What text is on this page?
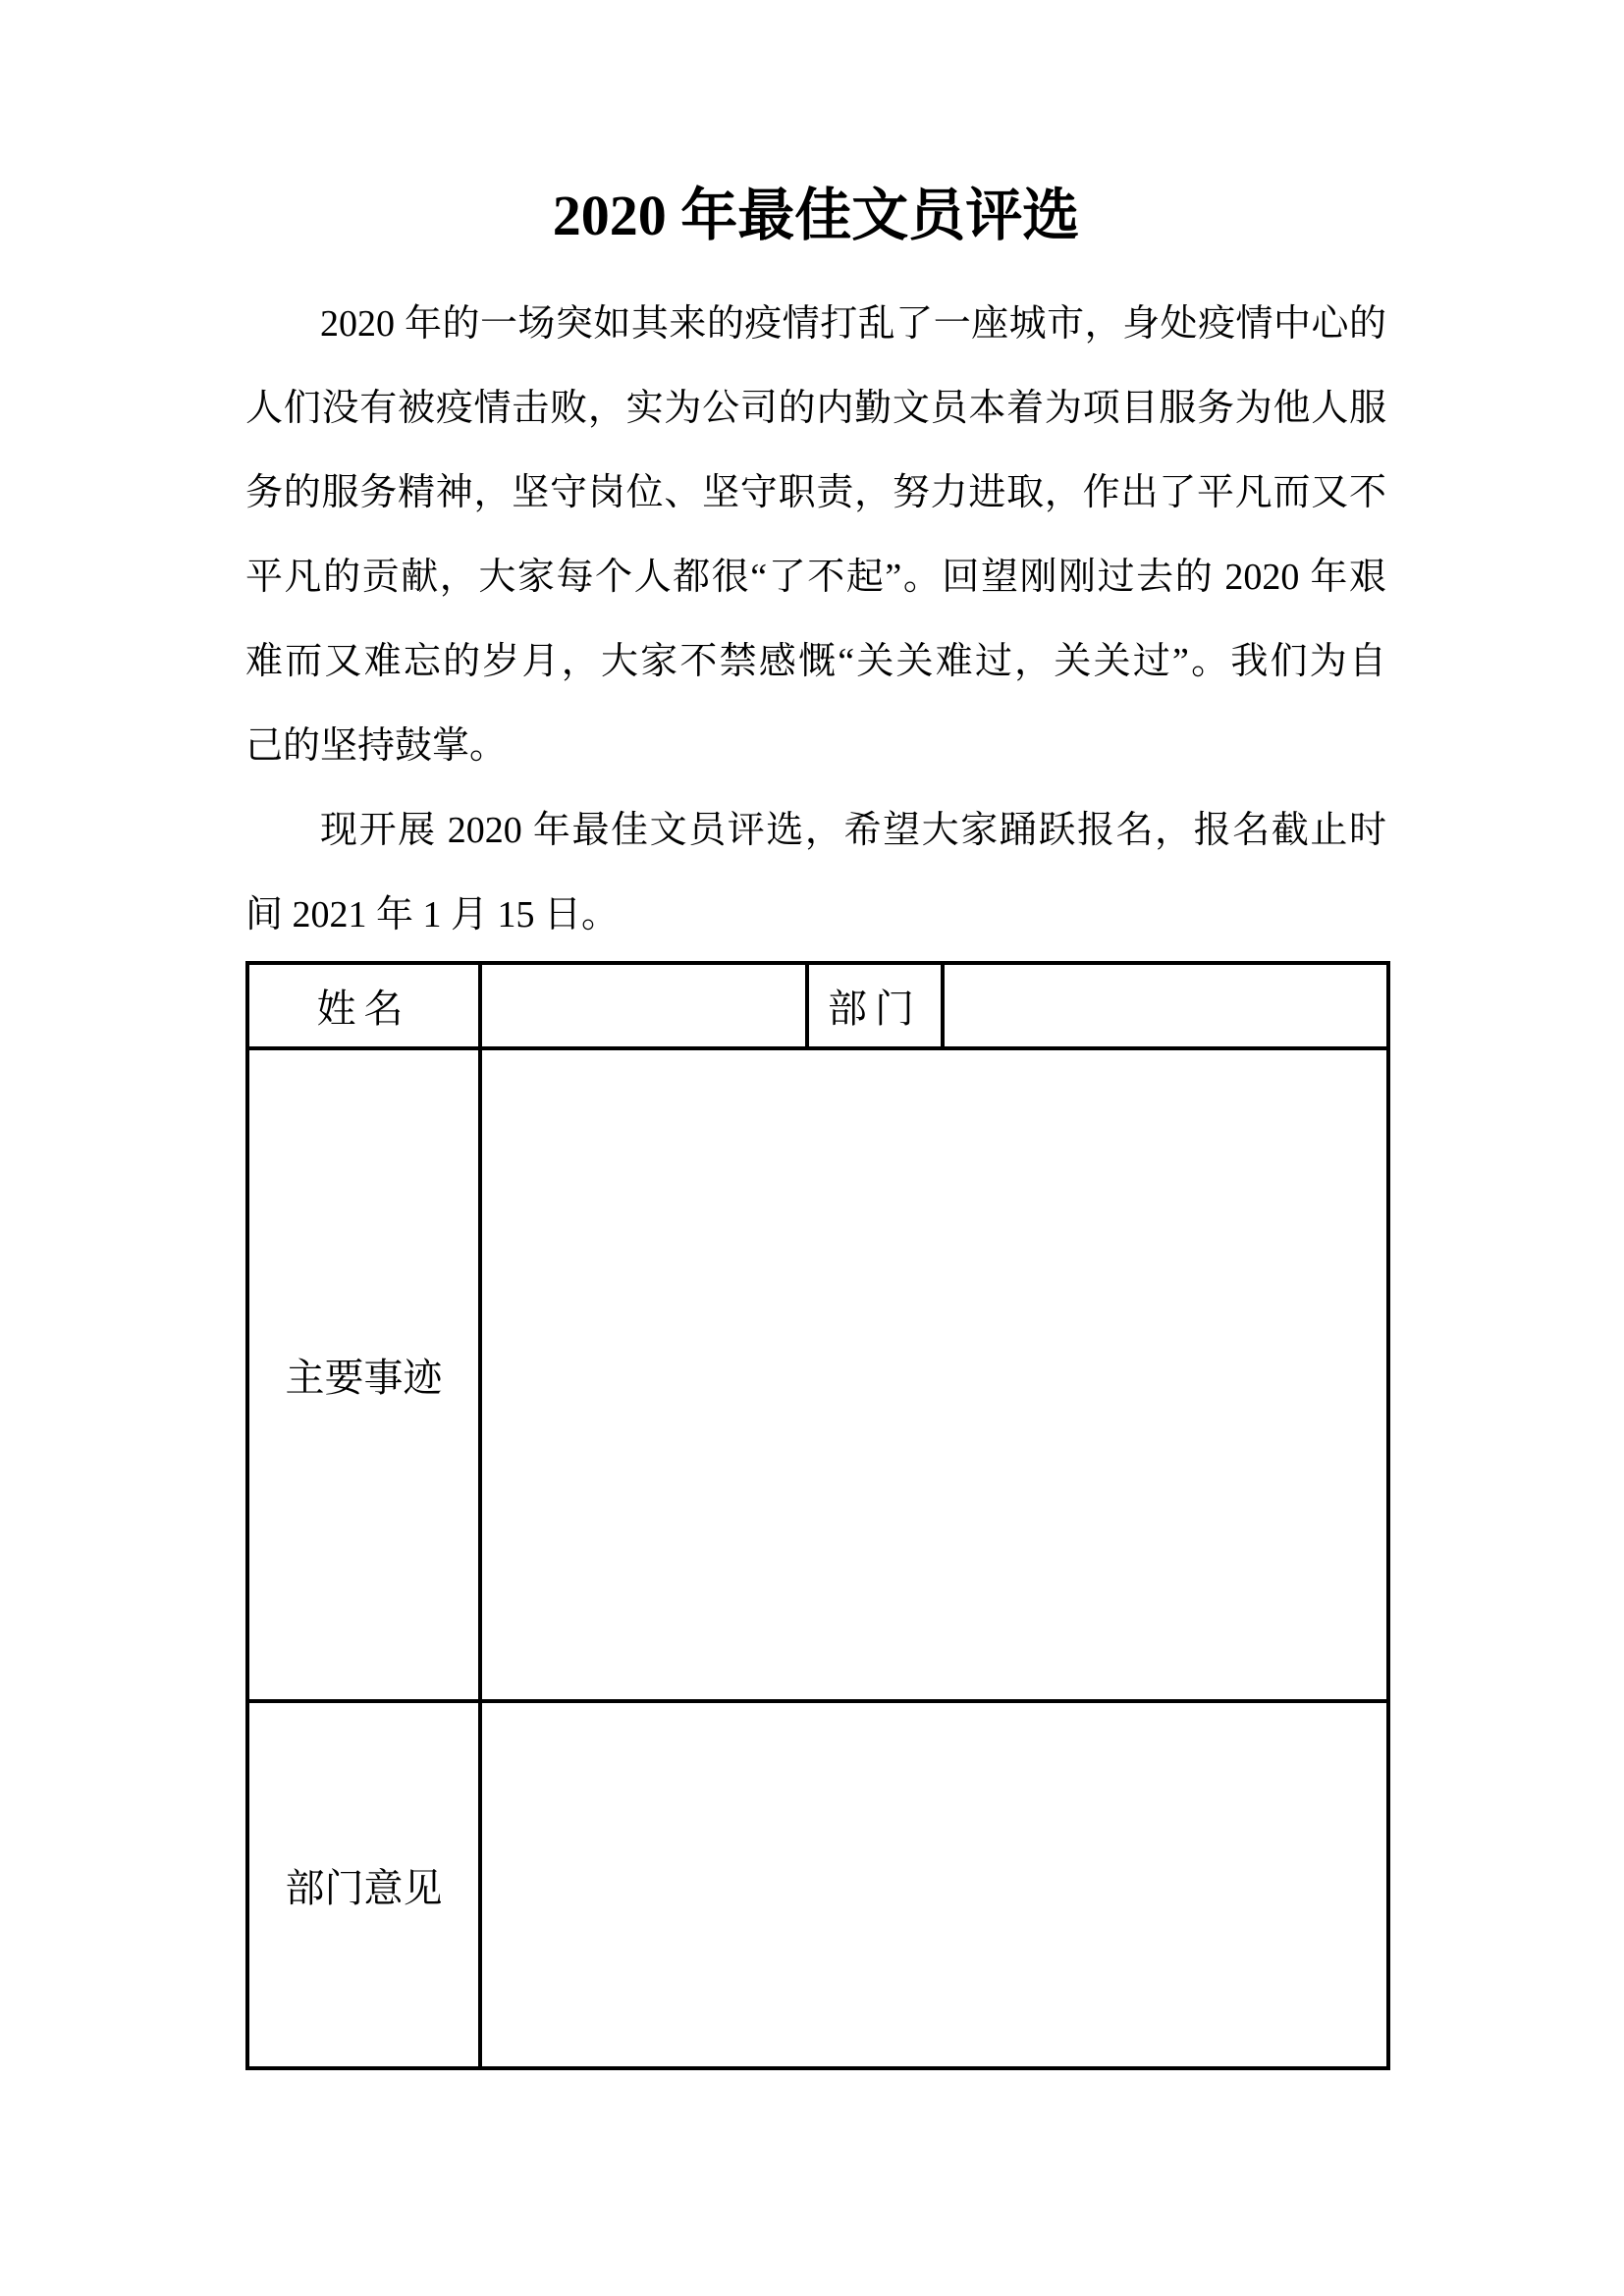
2020 年最佳文员评选
2020 年的一场突如其来的疫情打乱了一座城市，身处疫情中心的
人们没有被疫情击败，实为公司的内勤文员本着为项目服务为他人服
务的服务精神，坚守岗位、坚守职责，努力进取，作出了平凡而又不
平凡的贡献，大家每个人都很“了不起”。回望刚刚过去的 2020 年艰
难而又难忘的岁月，大家不禁感慨“关关难过，关关过”。我们为自
己的坚持鼓掌。
现开展 2020 年最佳文员评选，希望大家踊跃报名，报名截止时
间 2021 年 1 月 15 日。
姓名		部门	
主要事迹			
部门意见			
